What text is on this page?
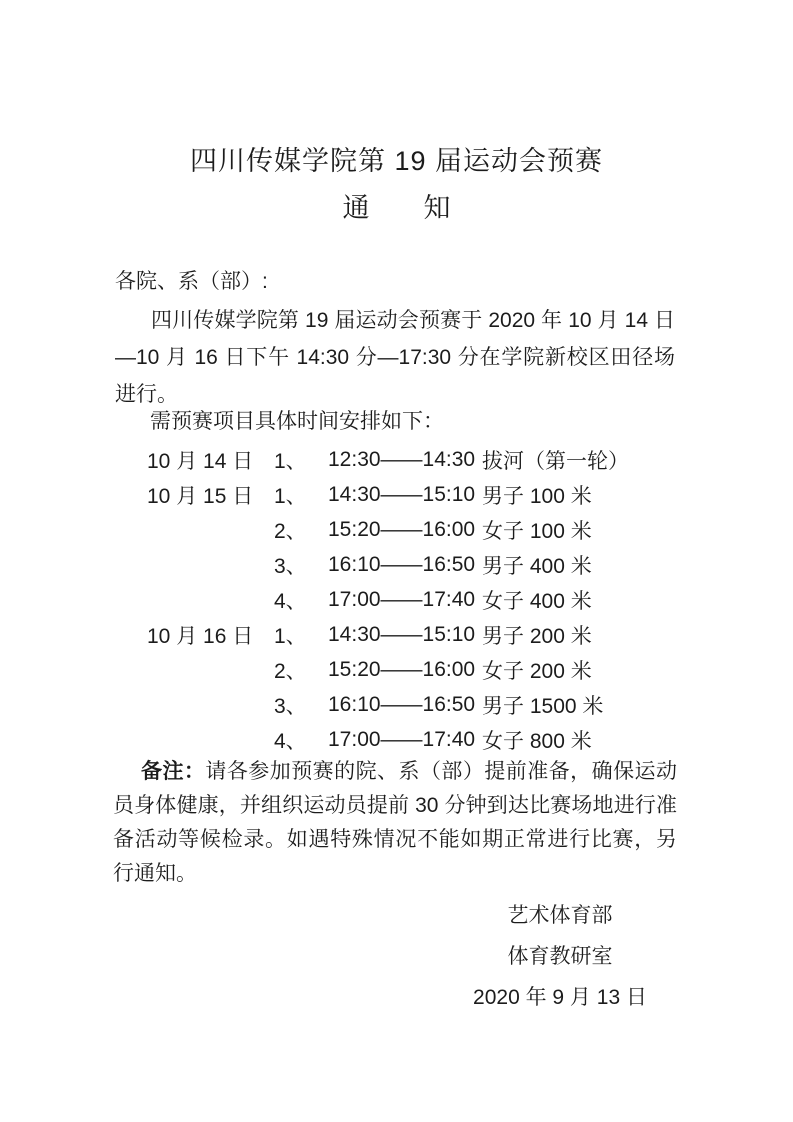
四川传媒学院第 19 届运动会预赛
通　　知

各院、系（部）:

四川传媒学院第 19 届运动会预赛于 2020 年 10 月 14 日—10 月 16 日下午 14:30 分—17:30 分在学院新校区田径场进行。

需预赛项目具体时间安排如下：

10 月 14 日 1、	12:30——14:30 拔河（第一轮）
10 月 15 日 1、	14:30——15:10 男子 100 米
2、	15:20——16:00 女子 100 米
3、	16:10——16:50 男子 400 米
4、	17:00——17:40 女子 400 米
10 月 16 日 1、	14:30——15:10 男子 200 米
2、	15:20——16:00 女子 200 米
3、	16:10——16:50 男子 1500 米
4、	17:00——17:40 女子 800 米

备注：请各参加预赛的院、系（部）提前准备，确保运动员身体健康，并组织运动员提前 30 分钟到达比赛场地进行准备活动等候检录。如遇特殊情况不能如期正常进行比赛，另行通知。

艺术体育部

体育教研室

2020 年 9 月 13 日
